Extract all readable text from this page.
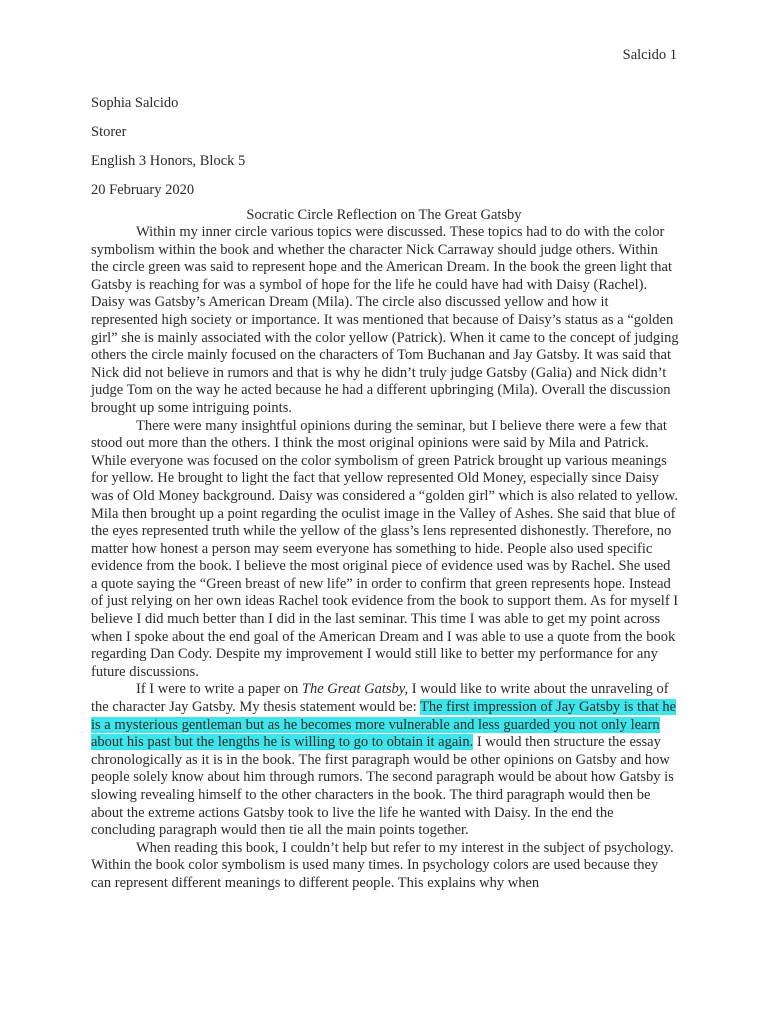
Salcido 1
Sophia Salcido
Storer
English 3 Honors, Block 5
20 February 2020
Socratic Circle Reflection on The Great Gatsby

Within my inner circle various topics were discussed. These topics had to do with the color symbolism within the book and whether the character Nick Carraway should judge others. Within the circle green was said to represent hope and the American Dream. In the book the green light that Gatsby is reaching for was a symbol of hope for the life he could have had with Daisy (Rachel). Daisy was Gatsby’s American Dream (Mila). The circle also discussed yellow and how it represented high society or importance. It was mentioned that because of Daisy’s status as a “golden girl” she is mainly associated with the color yellow (Patrick). When it came to the concept of judging others the circle mainly focused on the characters of Tom Buchanan and Jay Gatsby. It was said that Nick did not believe in rumors and that is why he didn’t truly judge Gatsby (Galia) and Nick didn’t judge Tom on the way he acted because he had a different upbringing (Mila). Overall the discussion brought up some intriguing points.

There were many insightful opinions during the seminar, but I believe there were a few that stood out more than the others. I think the most original opinions were said by Mila and Patrick. While everyone was focused on the color symbolism of green Patrick brought up various meanings for yellow. He brought to light the fact that yellow represented Old Money, especially since Daisy was of Old Money background. Daisy was considered a “golden girl” which is also related to yellow. Mila then brought up a point regarding the oculist image in the Valley of Ashes. She said that blue of the eyes represented truth while the yellow of the glass’s lens represented dishonestly. Therefore, no matter how honest a person may seem everyone has something to hide. People also used specific evidence from the book. I believe the most original piece of evidence used was by Rachel. She used a quote saying the “Green breast of new life” in order to confirm that green represents hope. Instead of just relying on her own ideas Rachel took evidence from the book to support them. As for myself I believe I did much better than I did in the last seminar. This time I was able to get my point across when I spoke about the end goal of the American Dream and I was able to use a quote from the book regarding Dan Cody. Despite my improvement I would still like to better my performance for any future discussions.

If I were to write a paper on The Great Gatsby, I would like to write about the unraveling of the character Jay Gatsby. My thesis statement would be: The first impression of Jay Gatsby is that he is a mysterious gentleman but as he becomes more vulnerable and less guarded you not only learn about his past but the lengths he is willing to go to obtain it again. I would then structure the essay chronologically as it is in the book. The first paragraph would be other opinions on Gatsby and how people solely know about him through rumors. The second paragraph would be about how Gatsby is slowing revealing himself to the other characters in the book. The third paragraph would then be about the extreme actions Gatsby took to live the life he wanted with Daisy. In the end the concluding paragraph would then tie all the main points together.

When reading this book, I couldn’t help but refer to my interest in the subject of psychology. Within the book color symbolism is used many times. In psychology colors are used because they can represent different meanings to different people. This explains why when
